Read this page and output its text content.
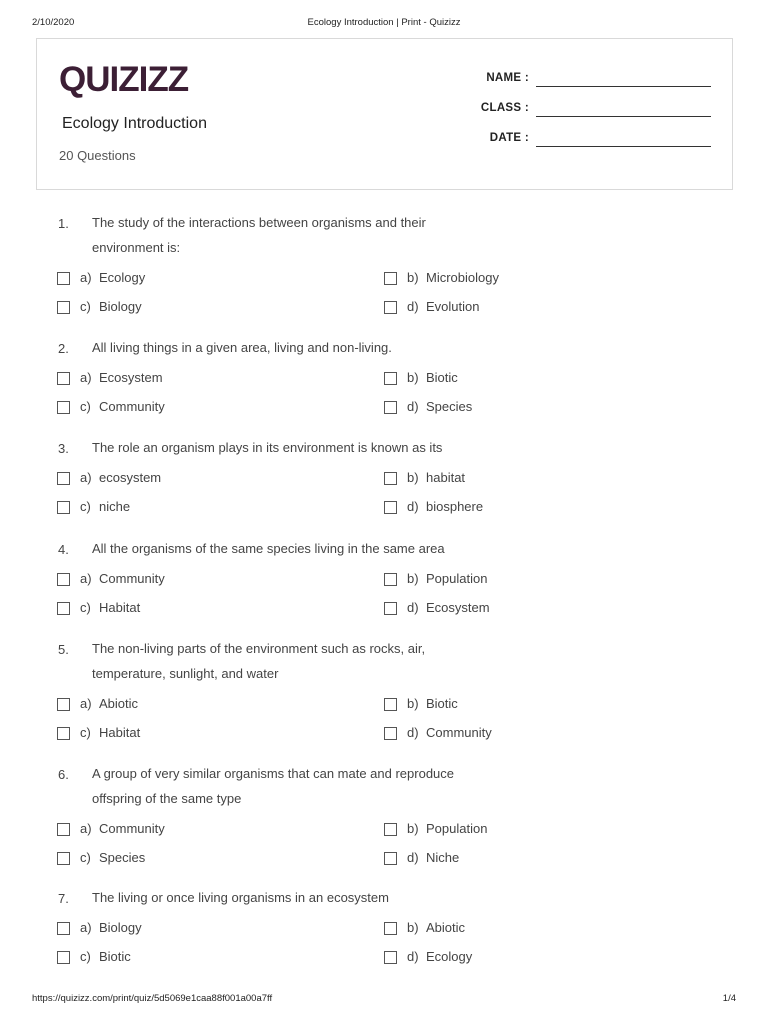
2/10/2020	Ecology Introduction | Print - Quizizz
QUIZIZZ
Ecology Introduction
20 Questions
NAME :
CLASS :
DATE :
1. The study of the interactions between organisms and their environment is:
a) Ecology	b) Microbiology
c) Biology	d) Evolution
2. All living things in a given area, living and non-living.
a) Ecosystem	b) Biotic
c) Community	d) Species
3. The role an organism plays in its environment is known as its
a) ecosystem	b) habitat
c) niche	d) biosphere
4. All the organisms of the same species living in the same area
a) Community	b) Population
c) Habitat	d) Ecosystem
5. The non-living parts of the environment such as rocks, air, temperature, sunlight, and water
a) Abiotic	b) Biotic
c) Habitat	d) Community
6. A group of very similar organisms that can mate and reproduce offspring of the same type
a) Community	b) Population
c) Species	d) Niche
7. The living or once living organisms in an ecosystem
a) Biology	b) Abiotic
c) Biotic	d) Ecology
https://quizizz.com/print/quiz/5d5069e1caa88f001a00a7ff	1/4
